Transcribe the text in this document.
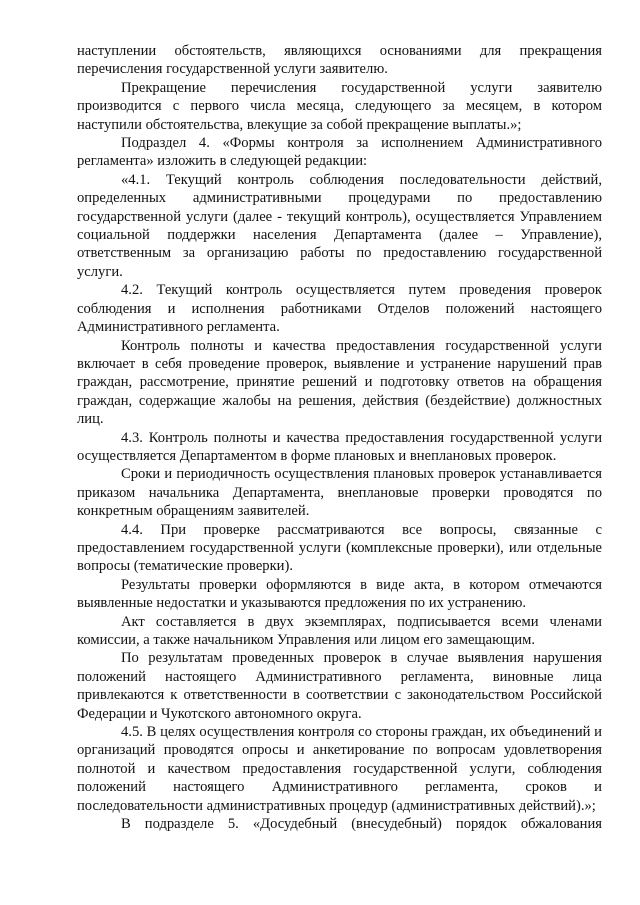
наступлении обстоятельств, являющихся основаниями для прекращения перечисления государственной услуги заявителю.

Прекращение перечисления государственной услуги заявителю производится с первого числа месяца, следующего за месяцем, в котором наступили обстоятельства, влекущие за собой прекращение выплаты.»;

Подраздел 4. «Формы контроля за исполнением Административного регламента» изложить в следующей редакции:

«4.1. Текущий контроль соблюдения последовательности действий, определенных административными процедурами по предоставлению государственной услуги (далее - текущий контроль), осуществляется Управлением социальной поддержки населения Департамента (далее – Управление), ответственным за организацию работы по предоставлению государственной услуги.

4.2. Текущий контроль осуществляется путем проведения проверок соблюдения и исполнения работниками Отделов положений настоящего Административного регламента.

Контроль полноты и качества предоставления государственной услуги включает в себя проведение проверок, выявление и устранение нарушений прав граждан, рассмотрение, принятие решений и подготовку ответов на обращения граждан, содержащие жалобы на решения, действия (бездействие) должностных лиц.

4.3. Контроль полноты и качества предоставления государственной услуги осуществляется Департаментом в форме плановых и внеплановых проверок.

Сроки и периодичность осуществления плановых проверок устанавливается приказом начальника Департамента, внеплановые проверки проводятся по конкретным обращениям заявителей.

4.4. При проверке рассматриваются все вопросы, связанные с предоставлением государственной услуги (комплексные проверки), или отдельные вопросы (тематические проверки).

Результаты проверки оформляются в виде акта, в котором отмечаются выявленные недостатки и указываются предложения по их устранению.

Акт составляется в двух экземплярах, подписывается всеми членами комиссии, а также начальником Управления или лицом его замещающим.

По результатам проведенных проверок в случае выявления нарушения положений настоящего Административного регламента, виновные лица привлекаются к ответственности в соответствии с законодательством Российской Федерации и Чукотского автономного округа.

4.5. В целях осуществления контроля со стороны граждан, их объединений и организаций проводятся опросы и анкетирование по вопросам удовлетворения полнотой и качеством предоставления государственной услуги, соблюдения положений настоящего Административного регламента, сроков и последовательности административных процедур (административных действий).»;

В подразделе 5. «Досудебный (внесудебный) порядок обжалования
